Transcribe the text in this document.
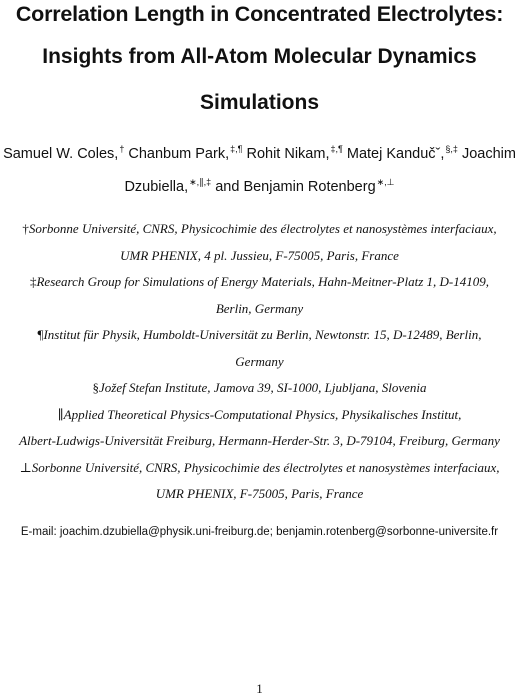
Correlation Length in Concentrated Electrolytes:
Insights from All-Atom Molecular Dynamics
Simulations
Samuel W. Coles,† Chanbum Park,‡,¶ Rohit Nikam,‡,¶ Matej Kandučˇ,§,‡ Joachim
Dzubiella,∗,∥,‡ and Benjamin Rotenberg∗,⊥
†Sorbonne Université, CNRS, Physicochimie des électrolytes et nanosystèmes interfaciaux,
UMR PHENIX, 4 pl. Jussieu, F-75005, Paris, France
‡Research Group for Simulations of Energy Materials, Hahn-Meitner-Platz 1, D-14109,
Berlin, Germany
¶Institut für Physik, Humboldt-Universität zu Berlin, Newtonstr. 15, D-12489, Berlin,
Germany
§Jožef Stefan Institute, Jamova 39, SI-1000, Ljubljana, Slovenia
∥Applied Theoretical Physics-Computational Physics, Physikalisches Institut,
Albert-Ludwigs-Universität Freiburg, Hermann-Herder-Str. 3, D-79104, Freiburg, Germany
⊥Sorbonne Université, CNRS, Physicochimie des électrolytes et nanosystèmes interfaciaux,
UMR PHENIX, F-75005, Paris, France
E-mail: joachim.dzubiella@physik.uni-freiburg.de; benjamin.rotenberg@sorbonne-universite.fr
1
